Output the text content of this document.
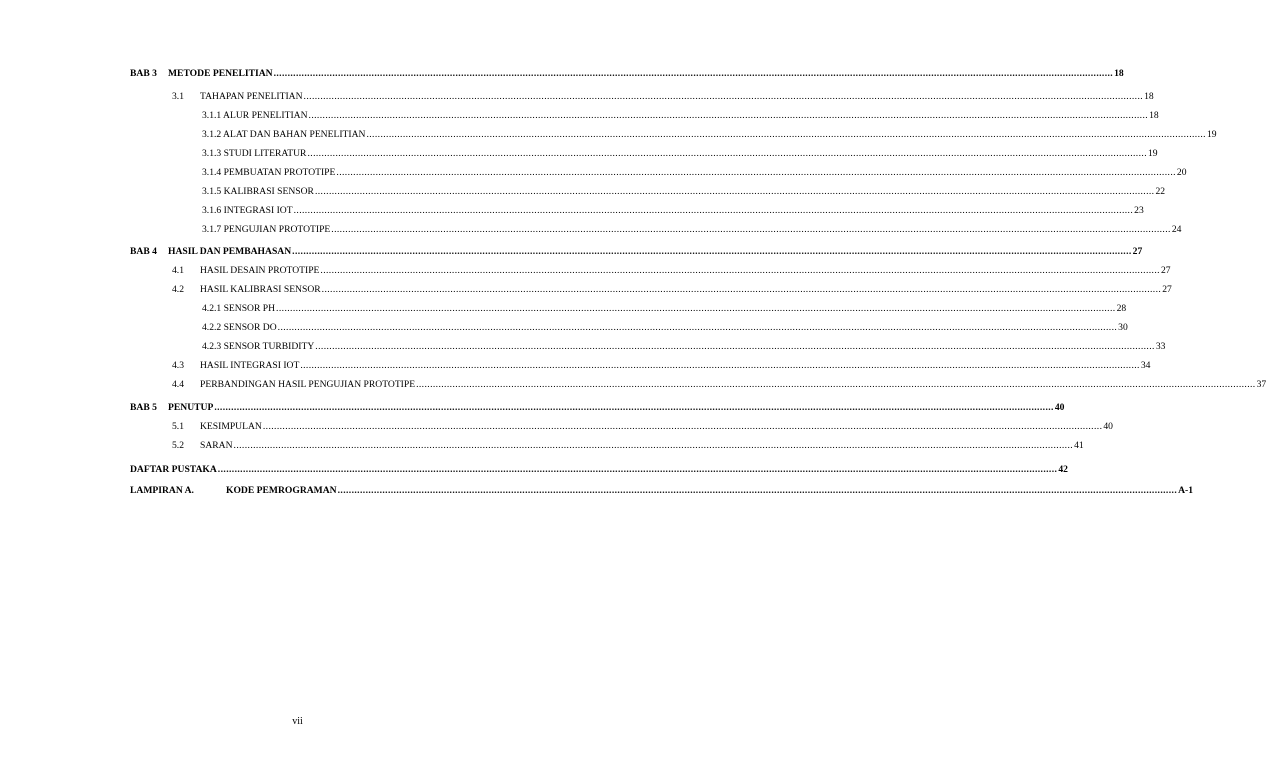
BAB 3	METODE PENELITIAN ............................................................................................................................................................................................................................................................................................................ 18
3.1	TAHAPAN PENELITIAN ............................................................................................................................................................................................................................................................................................................ 18
3.1.1 ALUR PENELITIAN ............................................................................................................................................................................................................................................................................................................ 18
3.1.2 ALAT DAN BAHAN PENELITIAN ............................................................................................................................................................................................................................................................................................................ 19
3.1.3 STUDI LITERATUR ............................................................................................................................................................................................................................................................................................................ 19
3.1.4 PEMBUATAN PROTOTIPE ............................................................................................................................................................................................................................................................................................................ 20
3.1.5 KALIBRASI SENSOR ............................................................................................................................................................................................................................................................................................................ 22
3.1.6 INTEGRASI IOT ............................................................................................................................................................................................................................................................................................................ 23
3.1.7 PENGUJIAN PROTOTIPE ............................................................................................................................................................................................................................................................................................................ 24
BAB 4	HASIL DAN PEMBAHASAN ............................................................................................................................................................................................................................................................................................................ 27
4.1	HASIL DESAIN PROTOTIPE ............................................................................................................................................................................................................................................................................................................ 27
4.2	HASIL KALIBRASI SENSOR ............................................................................................................................................................................................................................................................................................................ 27
4.2.1 SENSOR PH ............................................................................................................................................................................................................................................................................................................ 28
4.2.2 SENSOR DO ............................................................................................................................................................................................................................................................................................................ 30
4.2.3 SENSOR TURBIDITY ............................................................................................................................................................................................................................................................................................................ 33
4.3	HASIL INTEGRASI IOT ............................................................................................................................................................................................................................................................................................................ 34
4.4	PERBANDINGAN HASIL PENGUJIAN PROTOTIPE ............................................................................................................................................................................................................................................................................................................ 37
BAB 5	PENUTUP ............................................................................................................................................................................................................................................................................................................ 40
5.1	KESIMPULAN ............................................................................................................................................................................................................................................................................................................ 40
5.2	SARAN ............................................................................................................................................................................................................................................................................................................ 41
DAFTAR PUSTAKA ............................................................................................................................................................................................................................................................................................................ 42
LAMPIRAN A.	KODE PEMROGRAMAN ............................................................................................................................................................................................................................................................................................................ A-1
vii
